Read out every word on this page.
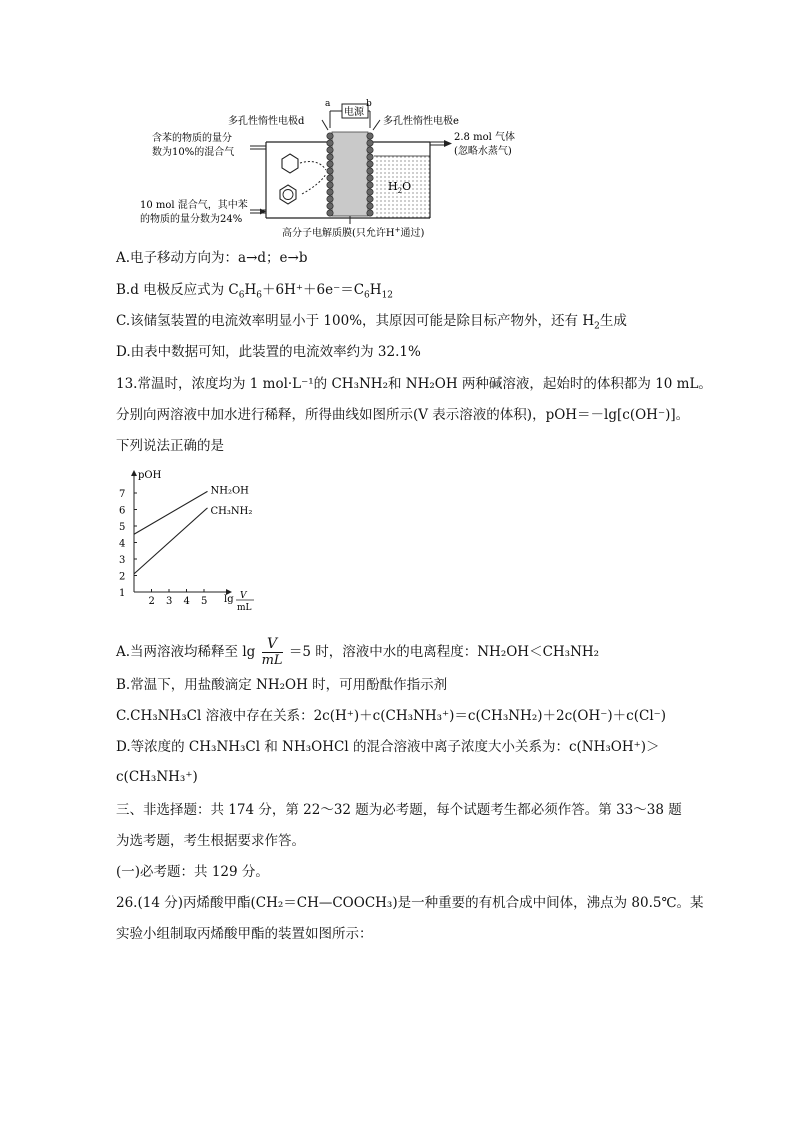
电源
a	b
多孔性惰性电极d	多孔性惰性电极e
$H_2O$
含苯的物质的量分
数为10%的混合气
10 mol 混合气，其中苯
的物质的量分数为24%
2.8 mol 气体
(忽略水蒸气)
高分子电解质膜(只允许H+通过)
A.电子移动方向为：a→d；e→b
B.d 电极反应式为 $C_6H_6+6H^++6e^-=C_6H_{12}$
C.该储氢装置的电流效率明显小于 100%，其原因可能是除目标产物外，还有 $H_2$生成
D.由表中数据可知，此装置的电流效率约为 32.1%
13.常温时，浓度均为 1 mol·L⁻¹的 CH₃NH₂和 NH₂OH 两种碱溶液，起始时的体积都为 10 mL。
分别向两溶液中加水进行稀释，所得曲线如图所示(V 表示溶液的体积)，pOH＝－lg[c(OH⁻)]。
下列说法正确的是
pOH
1
2
3
4
5
6
7
2 3 4 5 lg V
mL
NH₂OH
CH₃NH₂
A.当两溶液均稀释至 $\lg \frac{V}{mL} =5$ 时，溶液中水的电离程度：NH₂OH＜CH₃NH₂
B.常温下，用盐酸滴定 NH₂OH 时，可用酚酞作指示剂
C.CH₃NH₃Cl 溶液中存在关系：2c(H⁺)＋c(CH₃NH₃⁺)＝c(CH₃NH₂)＋2c(OH⁻)＋c(Cl⁻)
D.等浓度的 CH₃NH₃Cl 和 NH₃OHCl 的混合溶液中离子浓度大小关系为：c(NH₃OH⁺)＞
c(CH₃NH₃⁺)
三、非选择题：共 174 分，第 22～32 题为必考题，每个试题考生都必须作答。第 33～38 题
为选考题，考生根据要求作答。
(一)必考题：共 129 分。
26.(14 分)丙烯酸甲酯(CH₂＝CH—COOCH₃)是一种重要的有机合成中间体，沸点为 80.5℃。某
实验小组制取丙烯酸甲酯的装置如图所示：
